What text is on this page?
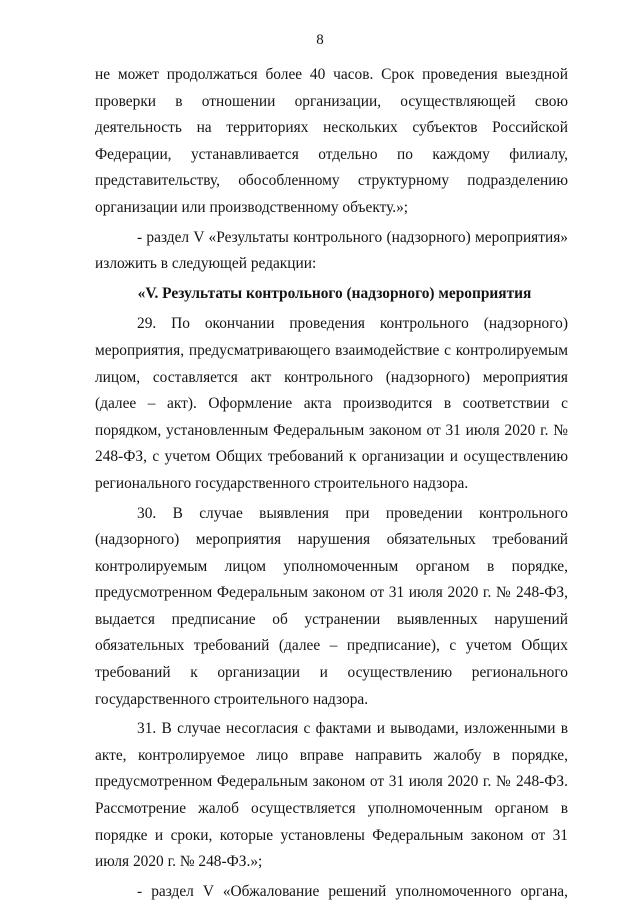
8

не может продолжаться более 40 часов. Срок проведения выездной проверки в отношении организации, осуществляющей свою деятельность на территориях нескольких субъектов Российской Федерации, устанавливается отдельно по каждому филиалу, представительству, обособленному структурному подразделению организации или производственному объекту.»;

- раздел V «Результаты контрольного (надзорного) мероприятия» изложить в следующей редакции:

«V. Результаты контрольного (надзорного) мероприятия

29. По окончании проведения контрольного (надзорного) мероприятия, предусматривающего взаимодействие с контролируемым лицом, составляется акт контрольного (надзорного) мероприятия (далее – акт). Оформление акта производится в соответствии с порядком, установленным Федеральным законом от 31 июля 2020 г. № 248-ФЗ, с учетом Общих требований к организации и осуществлению регионального государственного строительного надзора.

30. В случае выявления при проведении контрольного (надзорного) мероприятия нарушения обязательных требований контролируемым лицом уполномоченным органом в порядке, предусмотренном Федеральным законом от 31 июля 2020 г. № 248-ФЗ, выдается предписание об устранении выявленных нарушений обязательных требований (далее – предписание), с учетом Общих требований к организации и осуществлению регионального государственного строительного надзора.

31. В случае несогласия с фактами и выводами, изложенными в акте, контролируемое лицо вправе направить жалобу в порядке, предусмотренном Федеральным законом от 31 июля 2020 г. № 248-ФЗ. Рассмотрение жалоб осуществляется уполномоченным органом в порядке и сроки, которые установлены Федеральным законом от 31 июля 2020 г. № 248-ФЗ.»;

- раздел V «Обжалование решений уполномоченного органа,
